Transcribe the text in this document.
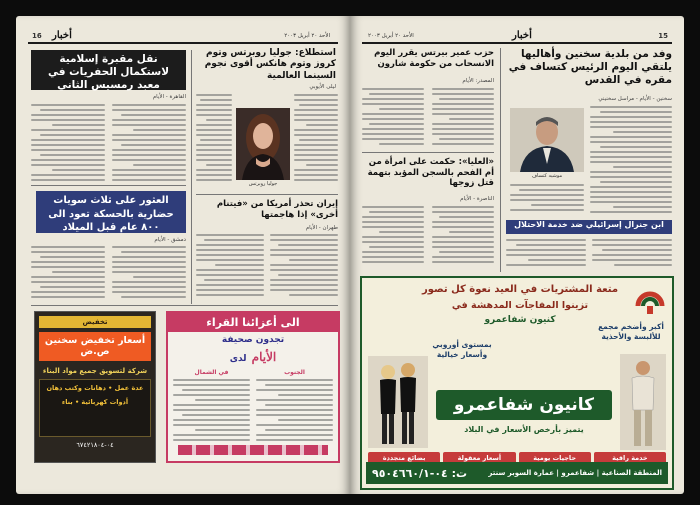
16 أخبار	الأحد ٢٠ أبريل ٢٠٠٣
نقل مقبرة إسلامية لاستكمال الحفريات في معبد رمسيس الثاني
القاهرة - الأيام
استطلاع: جوليا روبرتس وتوم كروز وتوم هانكس أقوى نجوم السينما العالمية
ليلى الأيوبي
جوليا روبرتس
العثور على ثلاث سويات حضارية بالحسكة تعود الى ٨٠٠ عام قبل الميلاد
دمشق - الأيام
إيران تحذر أمريكا من «فيتنام أخرى» إذا هاجمتها
طهران - الأيام
تخفيض
أسعار تخفيض سخنين ص.ض
شركة لتسويق جميع مواد البناء
عدة عمل • دهانات وكتب دهان
أدوات كهربائية • بناء
٠٤-٦٧٤٢١٨٠٤
الى أعزائنا القراء
تجدون صحيفة
الأيام لدى
الجنوب
في الشمال
15
أخبار
الأحد ٢٠ أبريل ٢٠٠٣
حزب عمير بيرتس يقرر اليوم الانسحاب من حكومة شارون
المصدر: الأيام
«العليا»: حكمت على امرأة من أم الفحم بالسجن المؤبد بتهمة قتل زوجها
الناصرة - الأيام
وفد من بلدية سخنين وأهاليها يلتقي اليوم الرئيس كتساف في مقره في القدس
سخنين - الأيام - مراسل سخنيني
موشيه كتساف
ابن جنرال إسرائيلي ضد خدمة الاحتلال
متعة المشتريات في العيد نعوة كل تصور
تزينوا المفاجآت المدهشة في
كنيون شفاعمرو
أكبر وأضخم مجمع للألبسة والأحذية
بمستوى أوروبي وأسعار خيالية
كانيون شفاعمرو
يتميز بأرخص الأسعار في البلاد
خدمة راقية
حاجيات يومية
أسعار معقولة
بضائع متجددة
المنطقة الصناعية | شفاعمرو | عمارة السوبر سنتر
ت: ٠٤-٩٥٠٤٦٦٠/١
